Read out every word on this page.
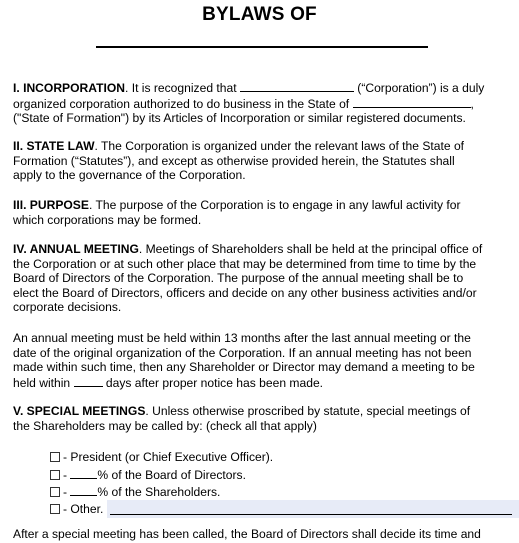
BYLAWS OF
I. INCORPORATION. It is recognized that	(“Corporation”) is a duly
organized corporation authorized to do business in the State of	,
("State of Formation") by its Articles of Incorporation or similar registered documents.
II. STATE LAW. The Corporation is organized under the relevant laws of the State of
Formation (“Statutes”), and except as otherwise provided herein, the Statutes shall
apply to the governance of the Corporation.
III. PURPOSE. The purpose of the Corporation is to engage in any lawful activity for
which corporations may be formed.
IV. ANNUAL MEETING. Meetings of Shareholders shall be held at the principal office of
the Corporation or at such other place that may be determined from time to time by the
Board of Directors of the Corporation. The purpose of the annual meeting shall be to
elect the Board of Directors, officers and decide on any other business activities and/or
corporate decisions.
An annual meeting must be held within 13 months after the last annual meeting or the
date of the original organization of the Corporation. If an annual meeting has not been
made within such time, then any Shareholder or Director may demand a meeting to be
held within  days after proper notice has been made.
V. SPECIAL MEETINGS. Unless otherwise proscribed by statute, special meetings of
the Shareholders may be called by: (check all that apply)
- President (or Chief Executive Officer).
- % of the Board of Directors.
- % of the Shareholders.
- Other.
After a special meeting has been called, the Board of Directors shall decide its time and
